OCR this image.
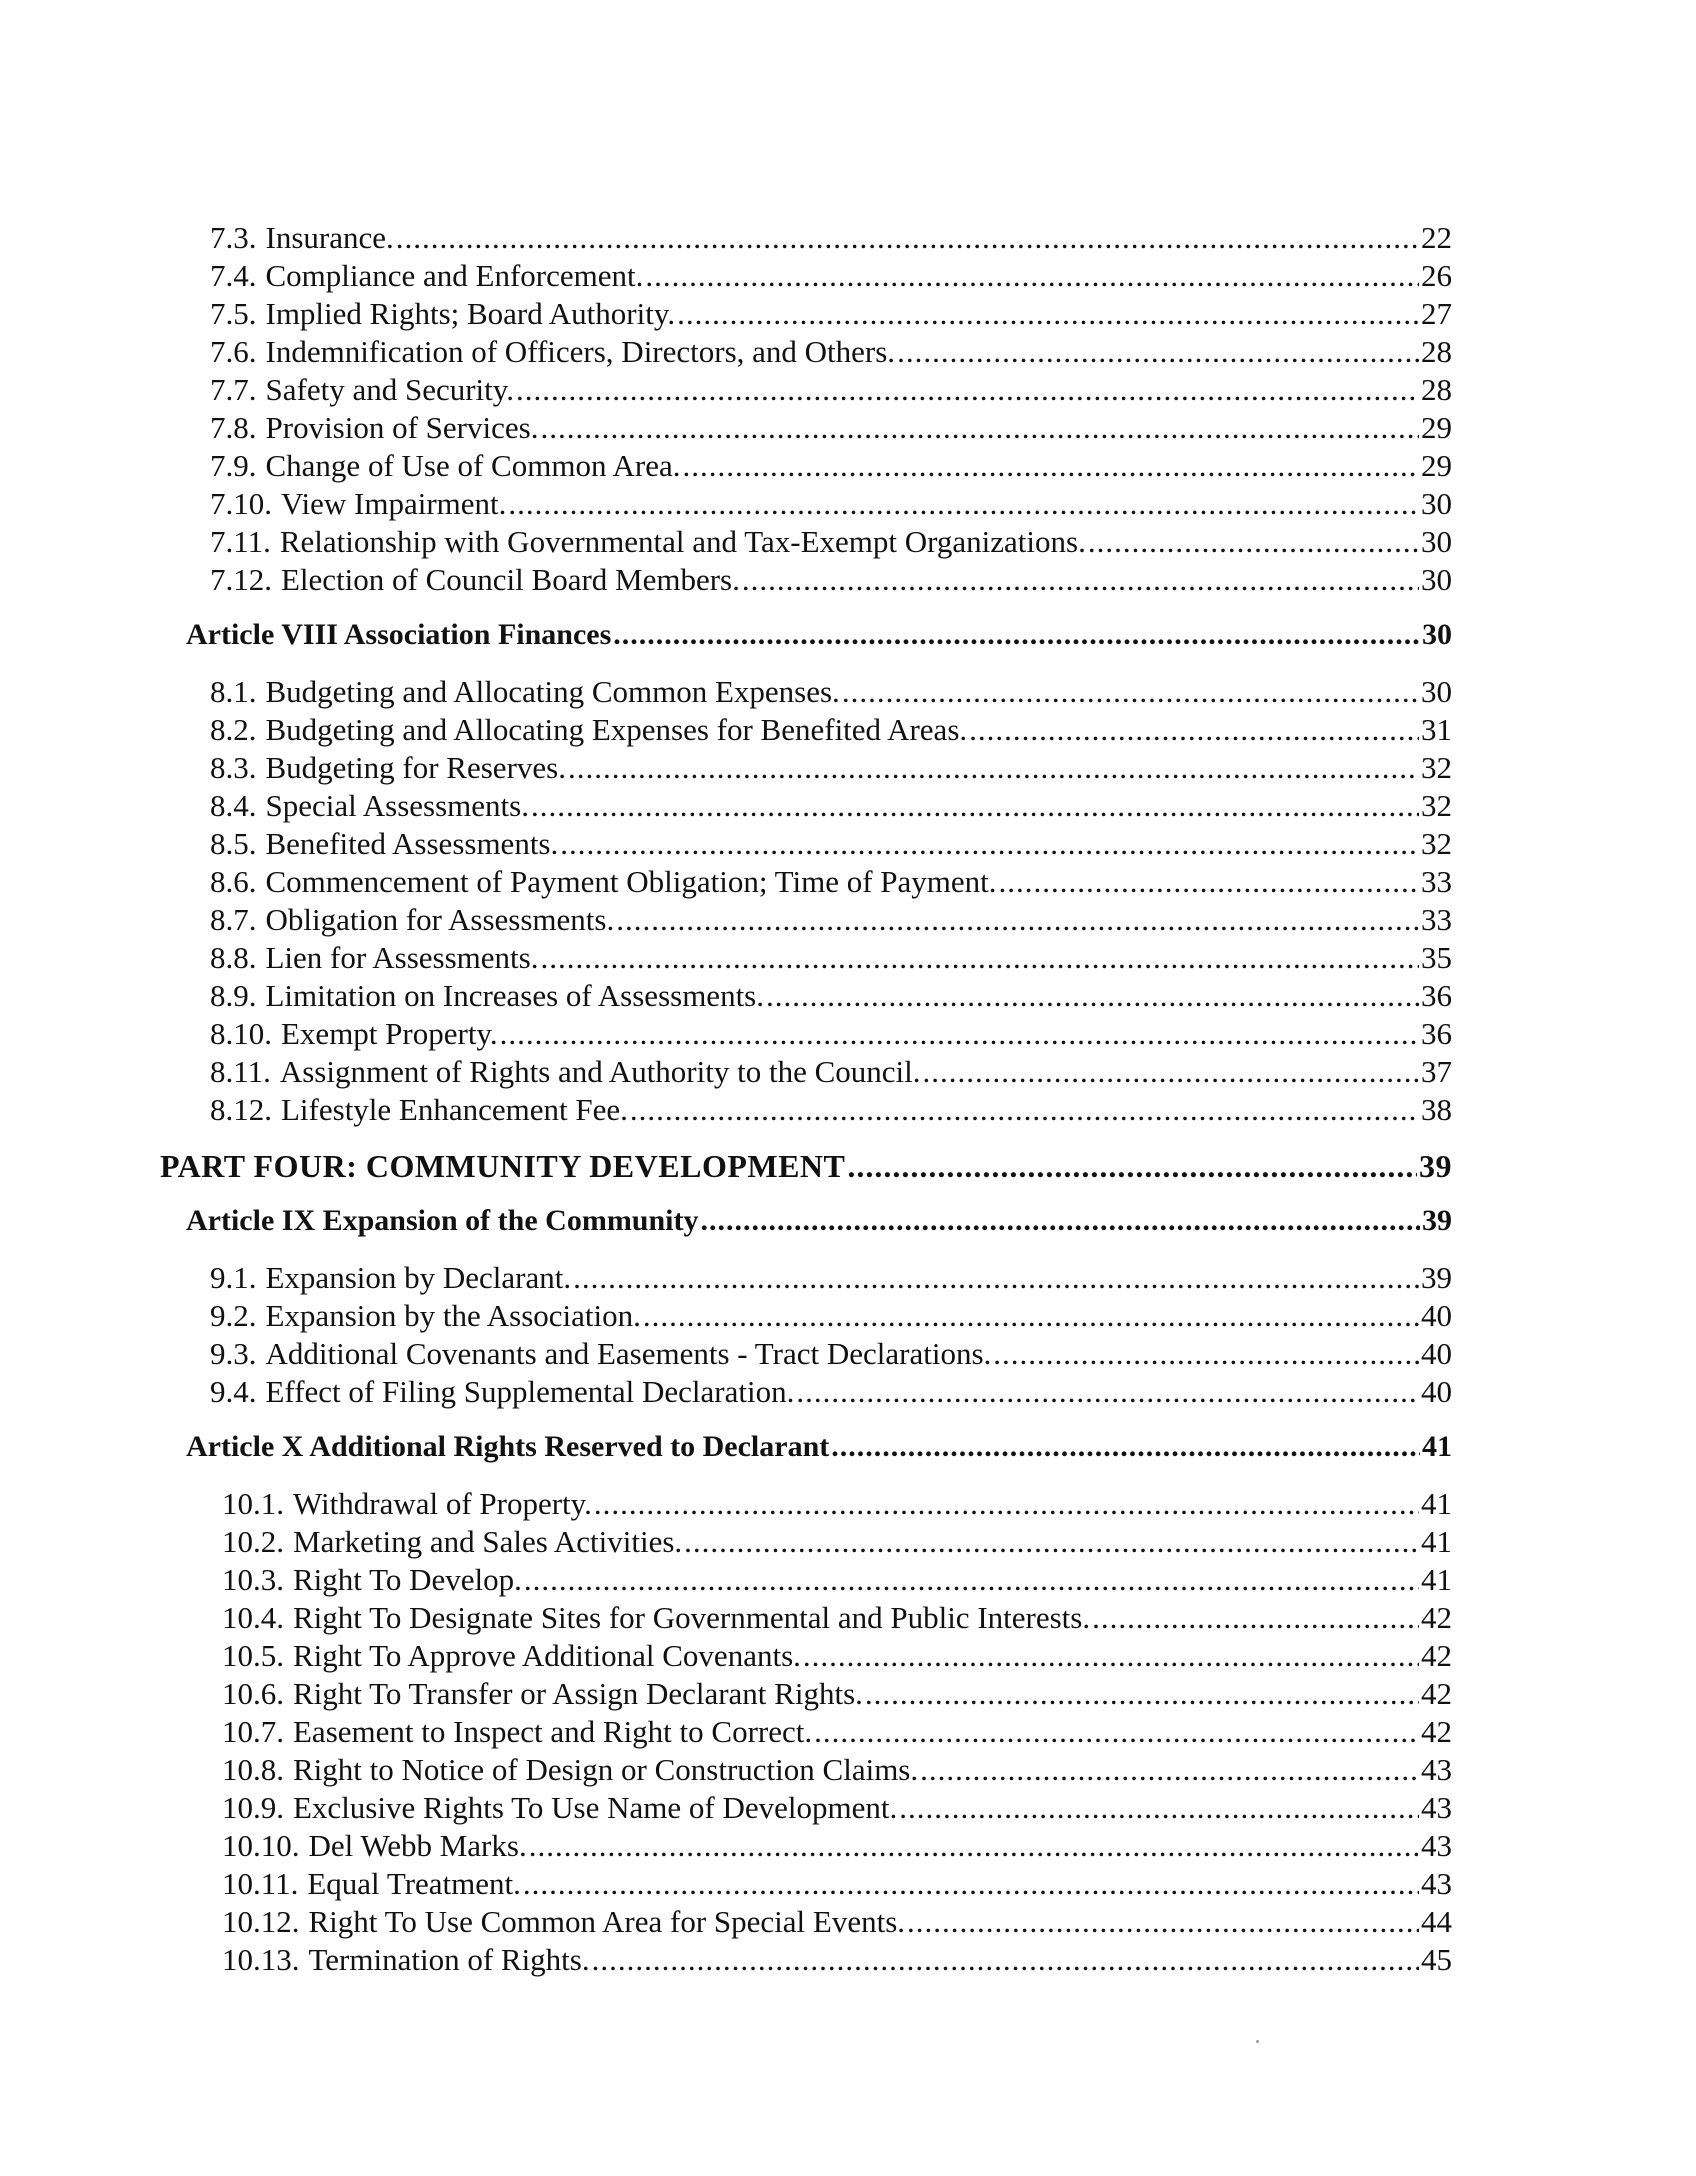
7.3. Insurance. .....	22
7.4. Compliance and Enforcement. .....	26
7.5. Implied Rights; Board Authority. .....	27
7.6. Indemnification of Officers, Directors, and Others. .....	28
7.7. Safety and Security. .....	28
7.8. Provision of Services. .....	29
7.9. Change of Use of Common Area. .....	29
7.10. View Impairment. .....	30
7.11. Relationship with Governmental and Tax-Exempt Organizations. .....	30
7.12. Election of Council Board Members. .....	30
Article VIII Association Finances .....	30
8.1. Budgeting and Allocating Common Expenses. .....	30
8.2. Budgeting and Allocating Expenses for Benefited Areas. .....	31
8.3. Budgeting for Reserves. .....	32
8.4. Special Assessments. .....	32
8.5. Benefited Assessments. .....	32
8.6. Commencement of Payment Obligation; Time of Payment. .....	33
8.7. Obligation for Assessments. .....	33
8.8. Lien for Assessments. .....	35
8.9. Limitation on Increases of Assessments. .....	36
8.10. Exempt Property. .....	36
8.11. Assignment of Rights and Authority to the Council. .....	37
8.12. Lifestyle Enhancement Fee. .....	38
PART FOUR: COMMUNITY DEVELOPMENT .....	39
Article IX Expansion of the Community .....	39
9.1. Expansion by Declarant. .....	39
9.2. Expansion by the Association. .....	40
9.3. Additional Covenants and Easements - Tract Declarations. .....	40
9.4. Effect of Filing Supplemental Declaration. .....	40
Article X Additional Rights Reserved to Declarant .....	41
10.1. Withdrawal of Property. .....	41
10.2. Marketing and Sales Activities. .....	41
10.3. Right To Develop. .....	41
10.4. Right To Designate Sites for Governmental and Public Interests. .....	42
10.5. Right To Approve Additional Covenants. .....	42
10.6. Right To Transfer or Assign Declarant Rights. .....	42
10.7. Easement to Inspect and Right to Correct. .....	42
10.8. Right to Notice of Design or Construction Claims. .....	43
10.9. Exclusive Rights To Use Name of Development. .....	43
10.10. Del Webb Marks. .....	43
10.11. Equal Treatment. .....	43
10.12. Right To Use Common Area for Special Events. .....	44
10.13. Termination of Rights. .....	45
